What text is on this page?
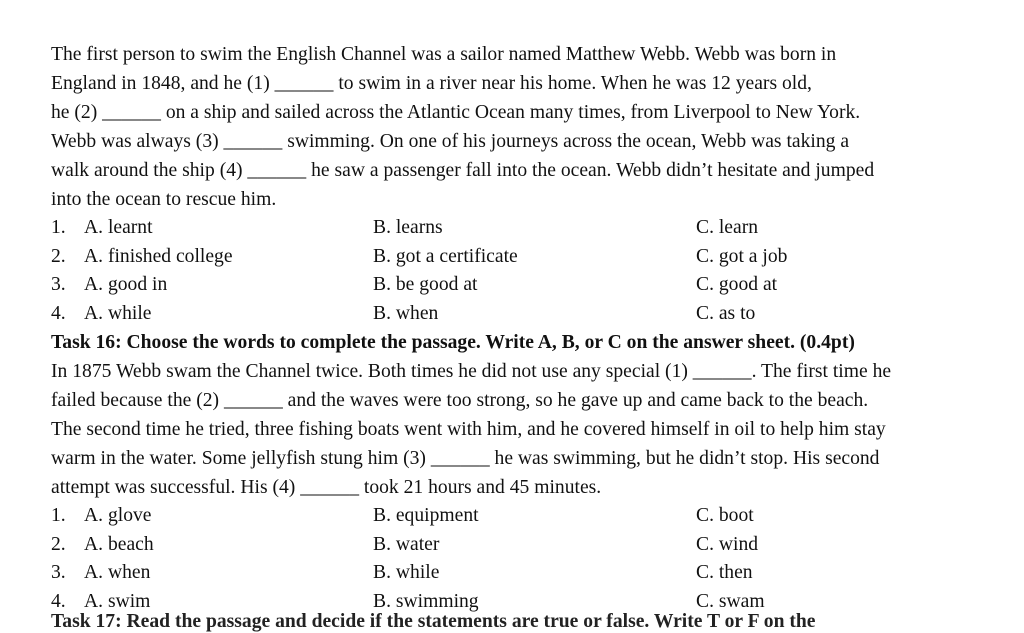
The first person to swim the English Channel was a sailor named Matthew Webb. Webb was born in

England in 1848, and he (1) ______ to swim in a river near his home. When he was 12 years old,

he (2) ______ on a ship and sailed across the Atlantic Ocean many times, from Liverpool to New York.

Webb was always (3) ______ swimming. On one of his journeys across the ocean, Webb was taking a

walk around the ship (4) ______ he saw a passenger fall into the ocean. Webb didn’t hesitate and jumped

into the ocean to rescue him.

1. A. learnt	B. learns	C. learn
2. A. finished college	B. got a certificate	C. got a job
3. A. good in	B. be good at	C. good at
4. A. while	B. when	C. as to

Task 16: Choose the words to complete the passage. Write A, B, or C on the answer sheet. (0.4pt)

In 1875 Webb swam the Channel twice. Both times he did not use any special (1) ______. The first time he

failed because the (2) ______ and the waves were too strong, so he gave up and came back to the beach.

The second time he tried, three fishing boats went with him, and he covered himself in oil to help him stay

warm in the water. Some jellyfish stung him (3) ______ he was swimming, but he didn’t stop. His second

attempt was successful. His (4) ______ took 21 hours and 45 minutes.

1. A. glove	B. equipment	C. boot
2. A. beach	B. water	C. wind
3. A. when	B. while	C. then
4. A. swim	B. swimming	C. swam
Task 17: Read the passage and decide if the statements are true or false. Write T or F on the
